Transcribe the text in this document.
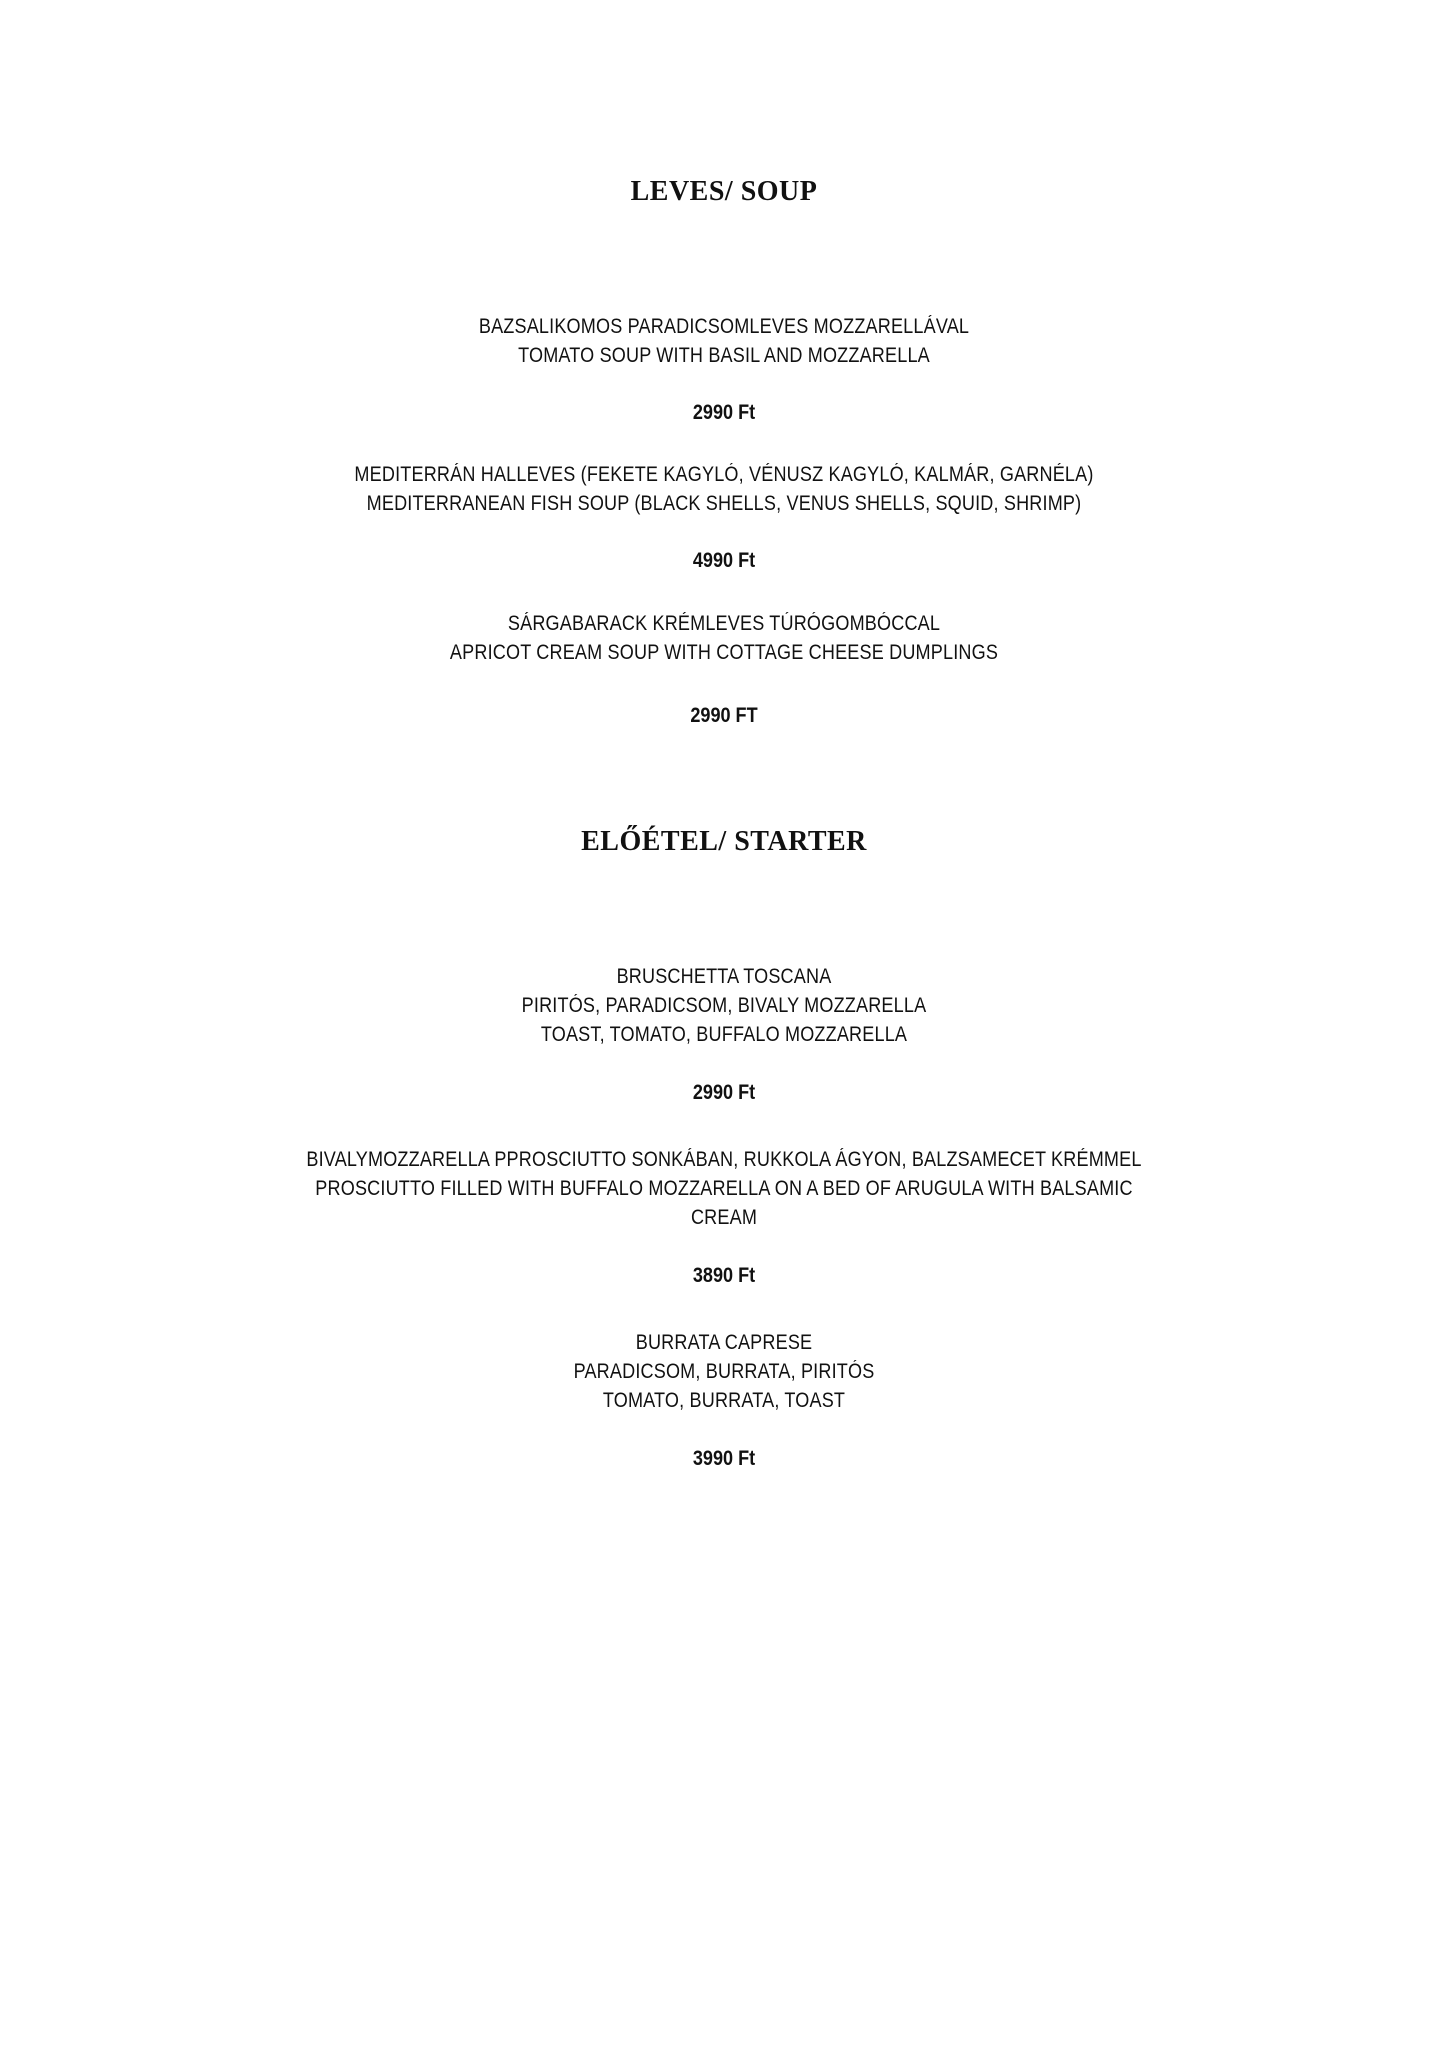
LEVES/ SOUP
BAZSALIKOMOS PARADICSOMLEVES MOZZARELLÁVAL
TOMATO SOUP WITH BASIL AND MOZZARELLA
2990 Ft
MEDITERRÁN HALLEVES (FEKETE KAGYLÓ, VÉNUSZ KAGYLÓ, KALMÁR, GARNÉLA)
MEDITERRANEAN FISH SOUP (BLACK SHELLS, VENUS SHELLS, SQUID, SHRIMP)
4990 Ft
SÁRGABARACK KRÉMLEVES TÚRÓGOMBÓCCAL
APRICOT CREAM SOUP WITH COTTAGE CHEESE DUMPLINGS
2990 FT
ELŐÉTEL/ STARTER
BRUSCHETTA TOSCANA
PIRITÓS, PARADICSOM, BIVALY MOZZARELLA
TOAST, TOMATO, BUFFALO MOZZARELLA
2990 Ft
BIVALYMOZZARELLA PPROSCIUTTO SONKÁBAN, RUKKOLA ÁGYON, BALZSAMECET KRÉMMEL
PROSCIUTTO FILLED WITH BUFFALO MOZZARELLA ON A BED OF ARUGULA WITH BALSAMIC
CREAM
3890 Ft
BURRATA CAPRESE
PARADICSOM, BURRATA, PIRITÓS
TOMATO, BURRATA, TOAST
3990 Ft
